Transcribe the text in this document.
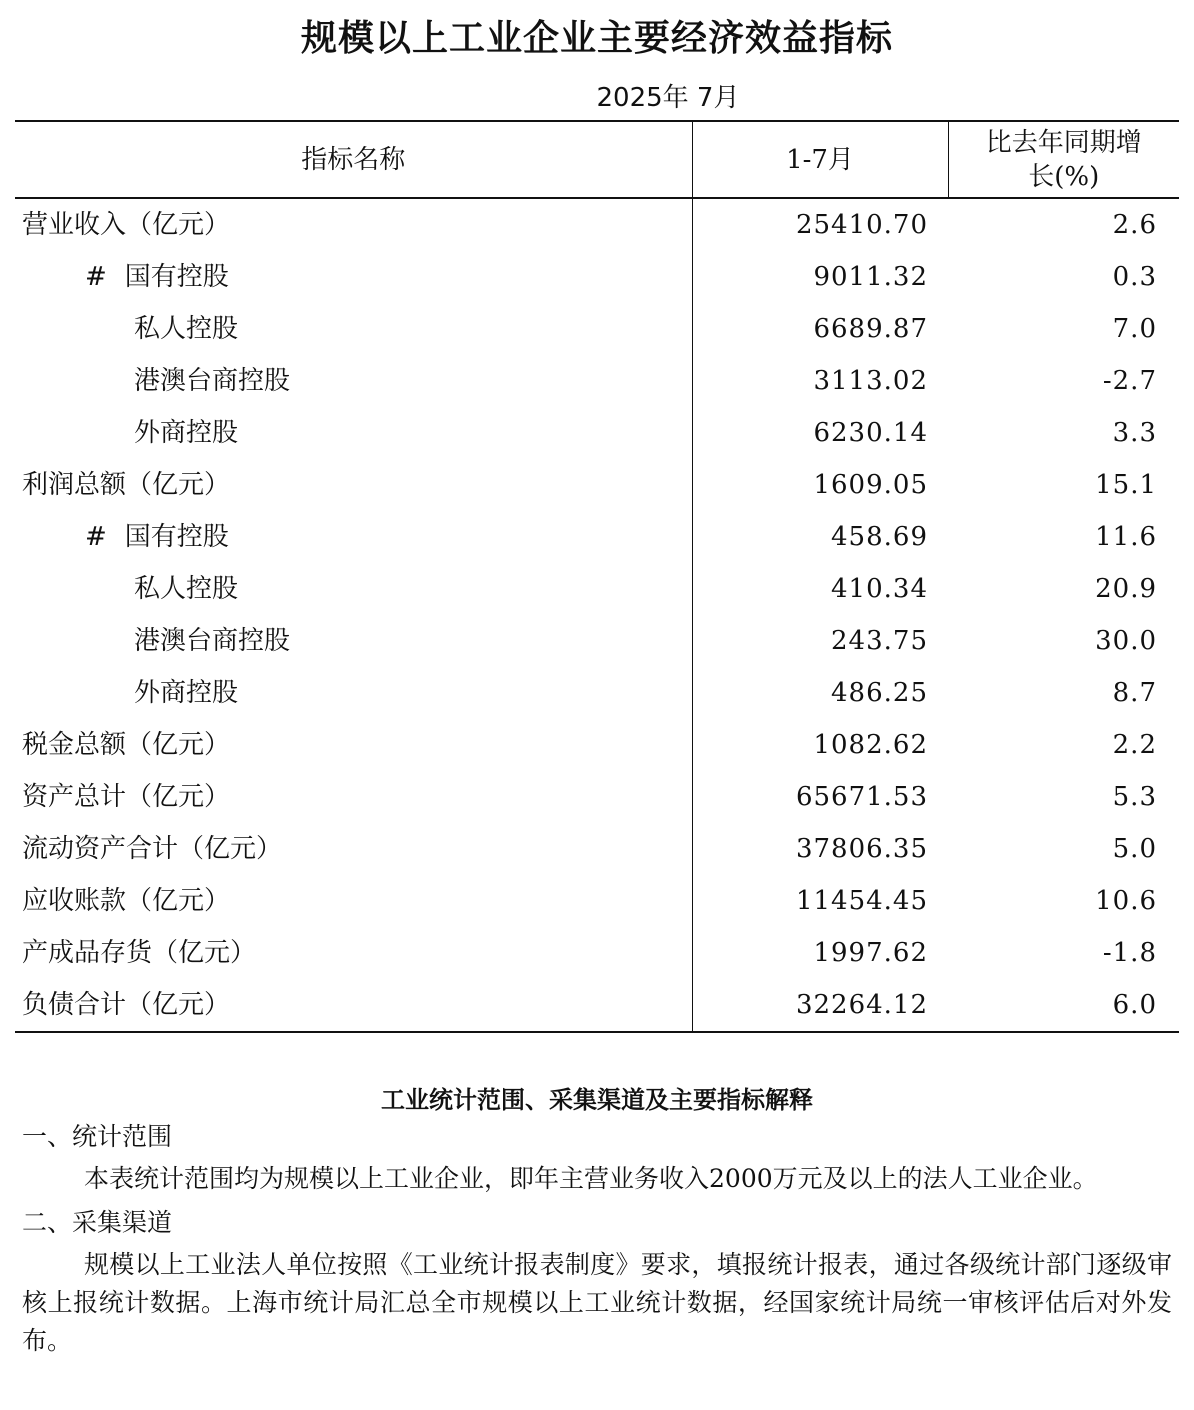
规模以上工业企业主要经济效益指标
2025年 7月
指标名称	1-7月	比去年同期增
长(%)

营业收入（亿元）	25410.70	2.6
# 国有控股	9011.32	0.3
私人控股	6689.87	7.0
港澳台商控股	3113.02	-2.7
外商控股	6230.14	3.3
利润总额（亿元）	1609.05	15.1
# 国有控股	458.69	11.6
私人控股	410.34	20.9
港澳台商控股	243.75	30.0
外商控股	486.25	8.7
税金总额（亿元）	1082.62	2.2
资产总计（亿元）	65671.53	5.3
流动资产合计（亿元）	37806.35	5.0
应收账款（亿元）	11454.45	10.6
产成品存货（亿元）	1997.62	-1.8
负债合计（亿元）	32264.12	6.0
工业统计范围、采集渠道及主要指标解释
一、统计范围

本表统计范围均为规模以上工业企业，即年主营业务收入2000万元及以上的法人工业企业。

二、采集渠道

规模以上工业法人单位按照《工业统计报表制度》要求，填报统计报表，通过各级统计部门逐级审核上报统计数据。上海市统计局汇总全市规模以上工业统计数据，经国家统计局统一审核评估后对外发布。
